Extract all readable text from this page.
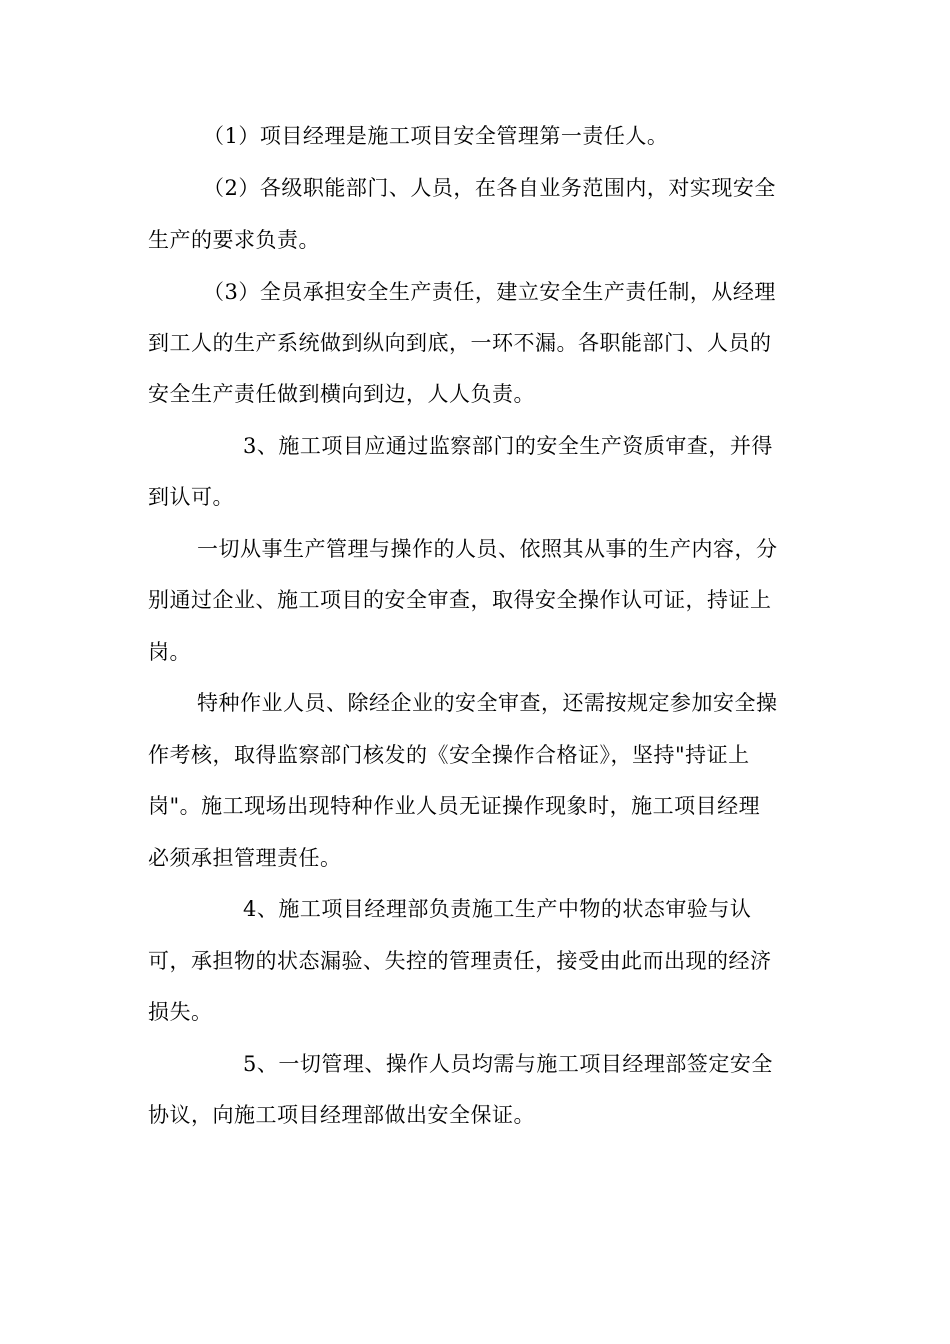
（1）项目经理是施工项目安全管理第一责任人。
（2）各级职能部门、人员，在各自业务范围内，对实现安全
生产的要求负责。
（3）全员承担安全生产责任，建立安全生产责任制，从经理
到工人的生产系统做到纵向到底，一环不漏。各职能部门、人员的
安全生产责任做到横向到边，人人负责。
3、施工项目应通过监察部门的安全生产资质审查，并得
到认可。
一切从事生产管理与操作的人员、依照其从事的生产内容，分
别通过企业、施工项目的安全审查，取得安全操作认可证，持证上
岗。
特种作业人员、除经企业的安全审查，还需按规定参加安全操
作考核，取得监察部门核发的《安全操作合格证》，坚持"持证上
岗"。施工现场出现特种作业人员无证操作现象时，施工项目经理
必须承担管理责任。
4、施工项目经理部负责施工生产中物的状态审验与认
可，承担物的状态漏验、失控的管理责任，接受由此而出现的经济
损失。
5、一切管理、操作人员均需与施工项目经理部签定安全
协议，向施工项目经理部做出安全保证。
